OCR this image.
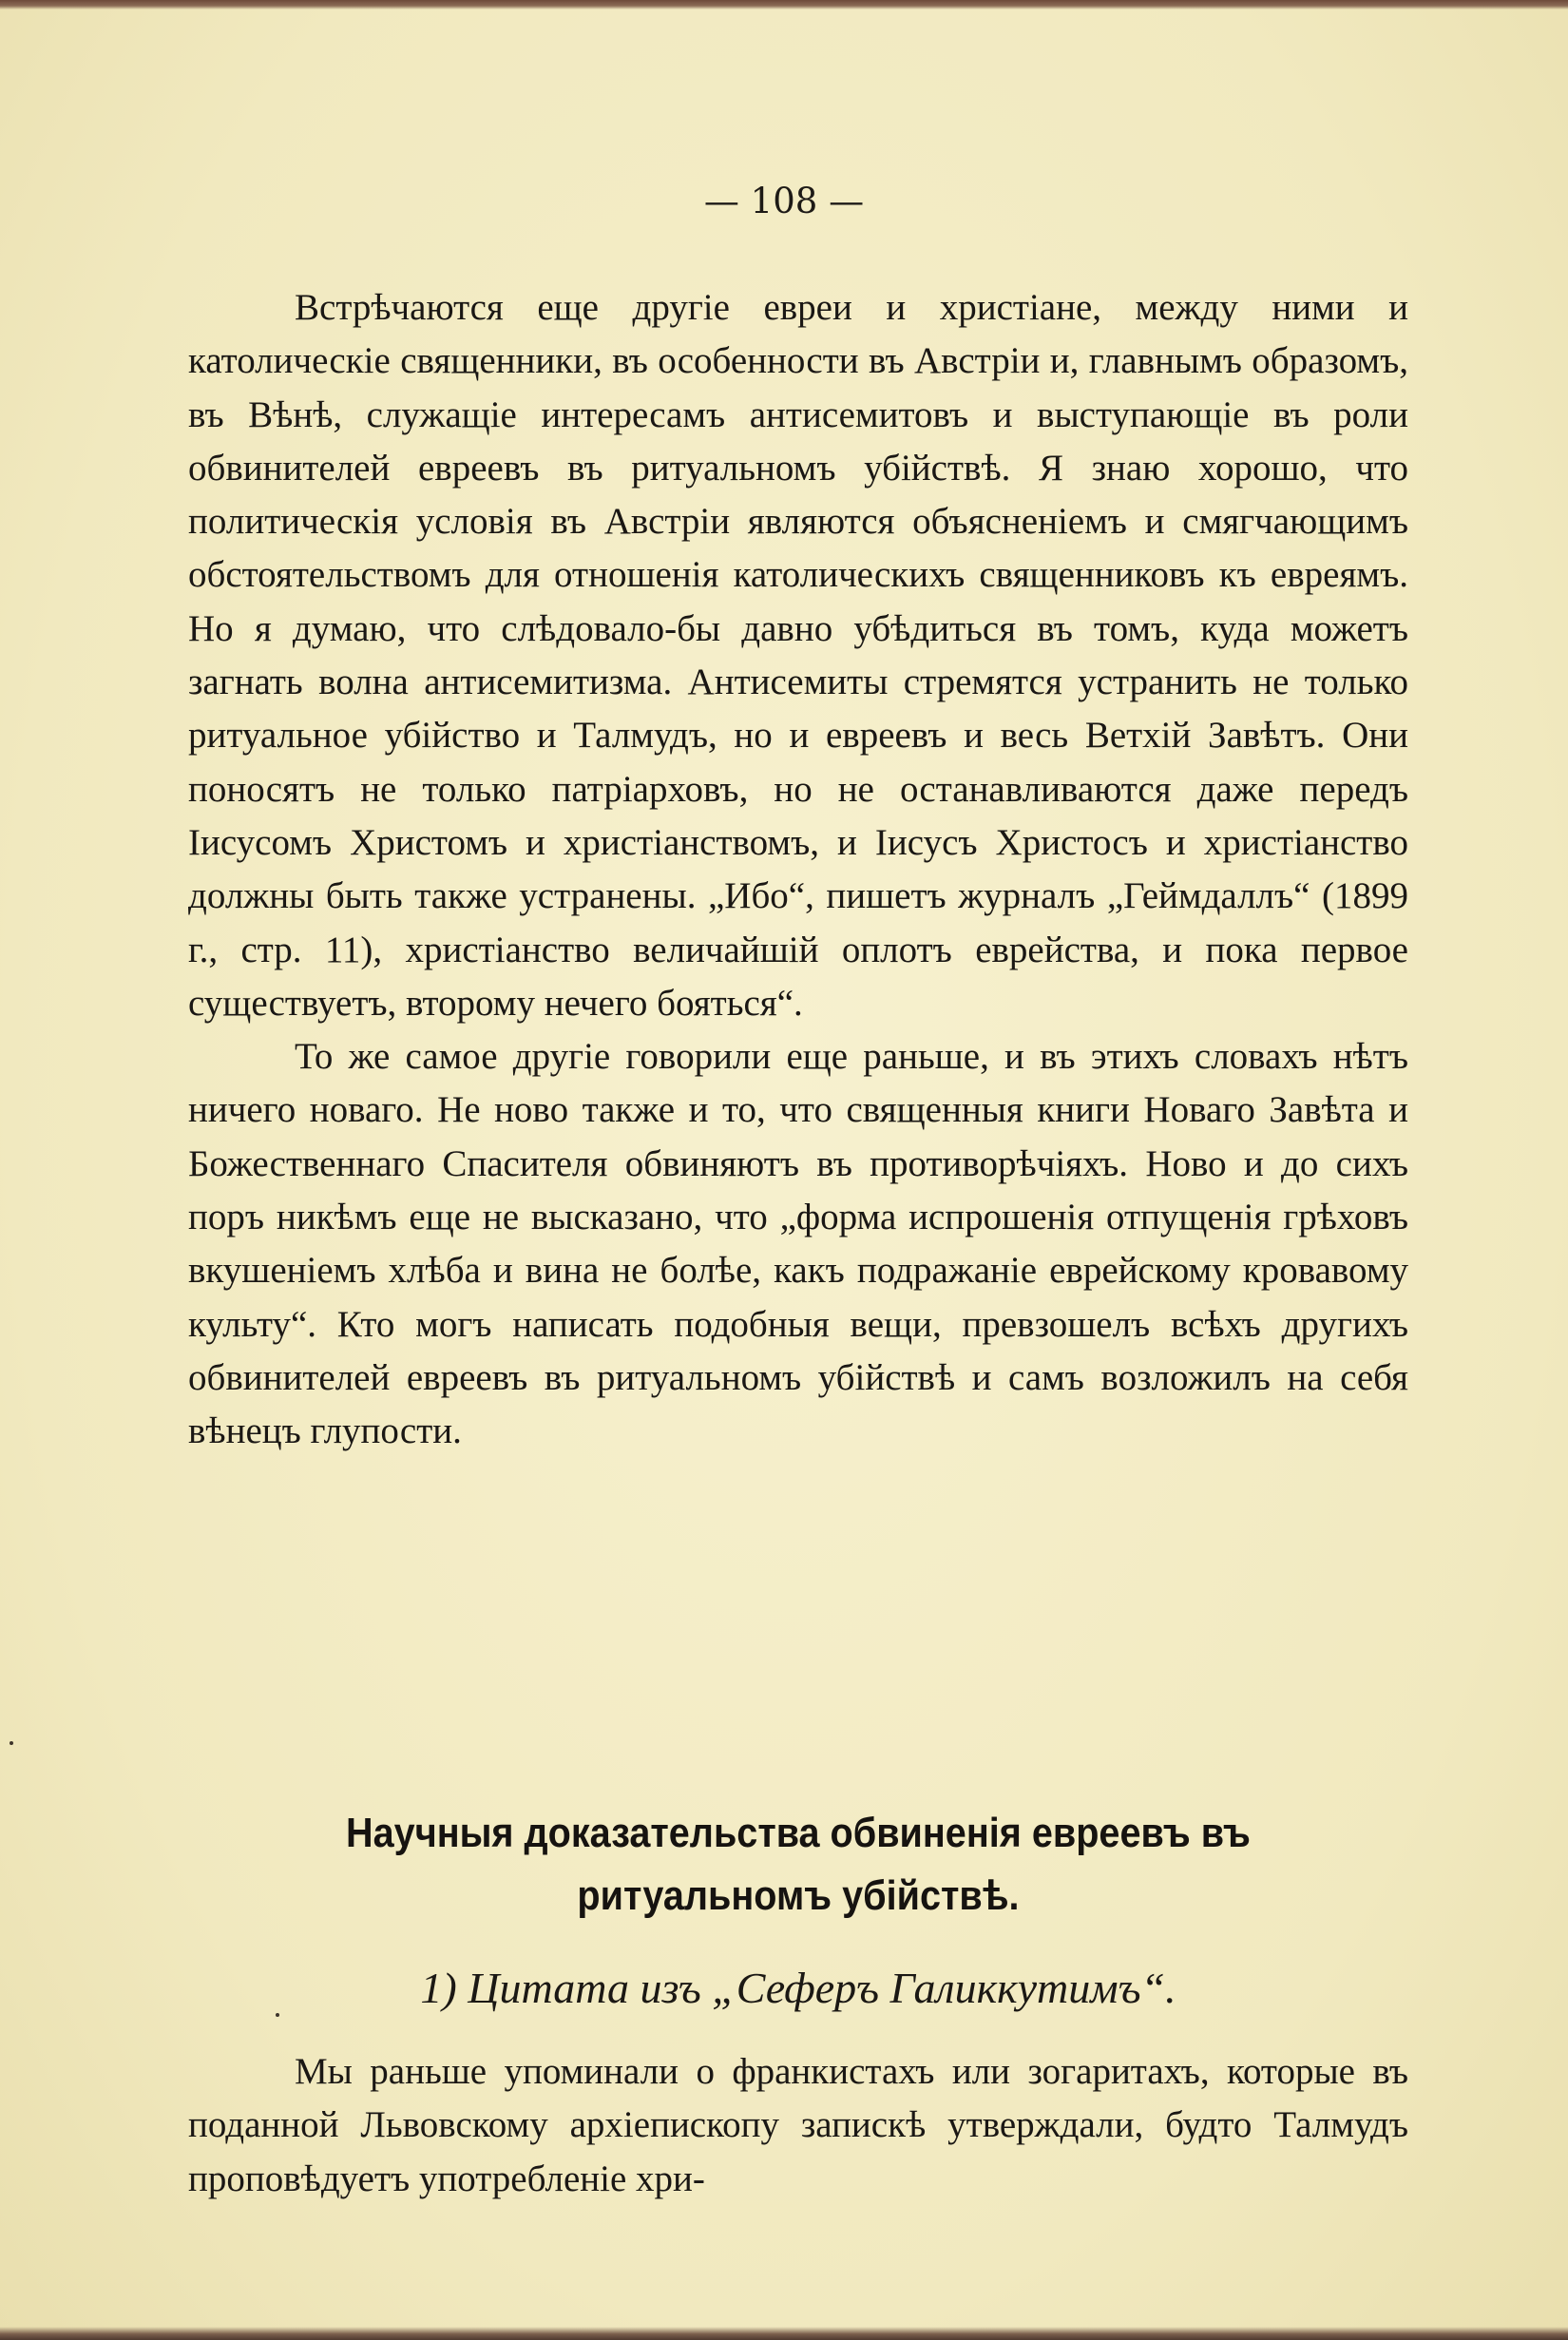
— 108 —

Встрѣчаются еще другіе евреи и христіане, между ними и католическіе священники, въ особенности въ Австріи и, главнымъ образомъ, въ Вѣнѣ, служащіе интересамъ антисемитовъ и выступающіе въ роли обвинителей евреевъ въ ритуальномъ убійствѣ. Я знаю хорошо, что политическія условія въ Австріи являются объясненіемъ и смягчающимъ обстоятельствомъ для отношенія католическихъ священниковъ къ евреямъ. Но я думаю, что слѣдовало-бы давно убѣдиться въ томъ, куда можетъ загнать волна антисемитизма. Антисемиты стремятся устранить не только ритуальное убійство и Талмудъ, но и евреевъ и весь Ветхій Завѣтъ. Они поносятъ не только патріарховъ, но не останавливаются даже передъ Іисусомъ Христомъ и христіанствомъ, и Іисусъ Христосъ и христіанство должны быть также устранены. „Ибо“, пишетъ журналъ „Геймдаллъ“ (1899 г., стр. 11), христіанство величайшій оплотъ еврейства, и пока первое существуетъ, второму нечего бояться“.

То же самое другіе говорили еще раньше, и въ этихъ словахъ нѣтъ ничего новаго. Не ново также и то, что священныя книги Новаго Завѣта и Божественнаго Спасителя обвиняютъ въ противорѣчіяхъ. Ново и до сихъ поръ никѣмъ еще не высказано, что „форма испрошенія отпущенія грѣховъ вкушеніемъ хлѣба и вина не болѣе, какъ подражаніе еврейскому кровавому культу“. Кто могъ написать подобныя вещи, превзошелъ всѣхъ другихъ обвинителей евреевъ въ ритуальномъ убійствѣ и самъ возложилъ на себя вѣнецъ глупости.

Научныя доказательства обвиненія евреевъ въ ритуальномъ убійствѣ.
1) Цитата изъ „Сеферъ Галиккутимъ“.

Мы раньше упоминали о франкистахъ или зогаритахъ, которые въ поданной Львовскому архіепископу запискѣ утверждали, будто Талмудъ проповѣдуетъ употребленіе хри-
